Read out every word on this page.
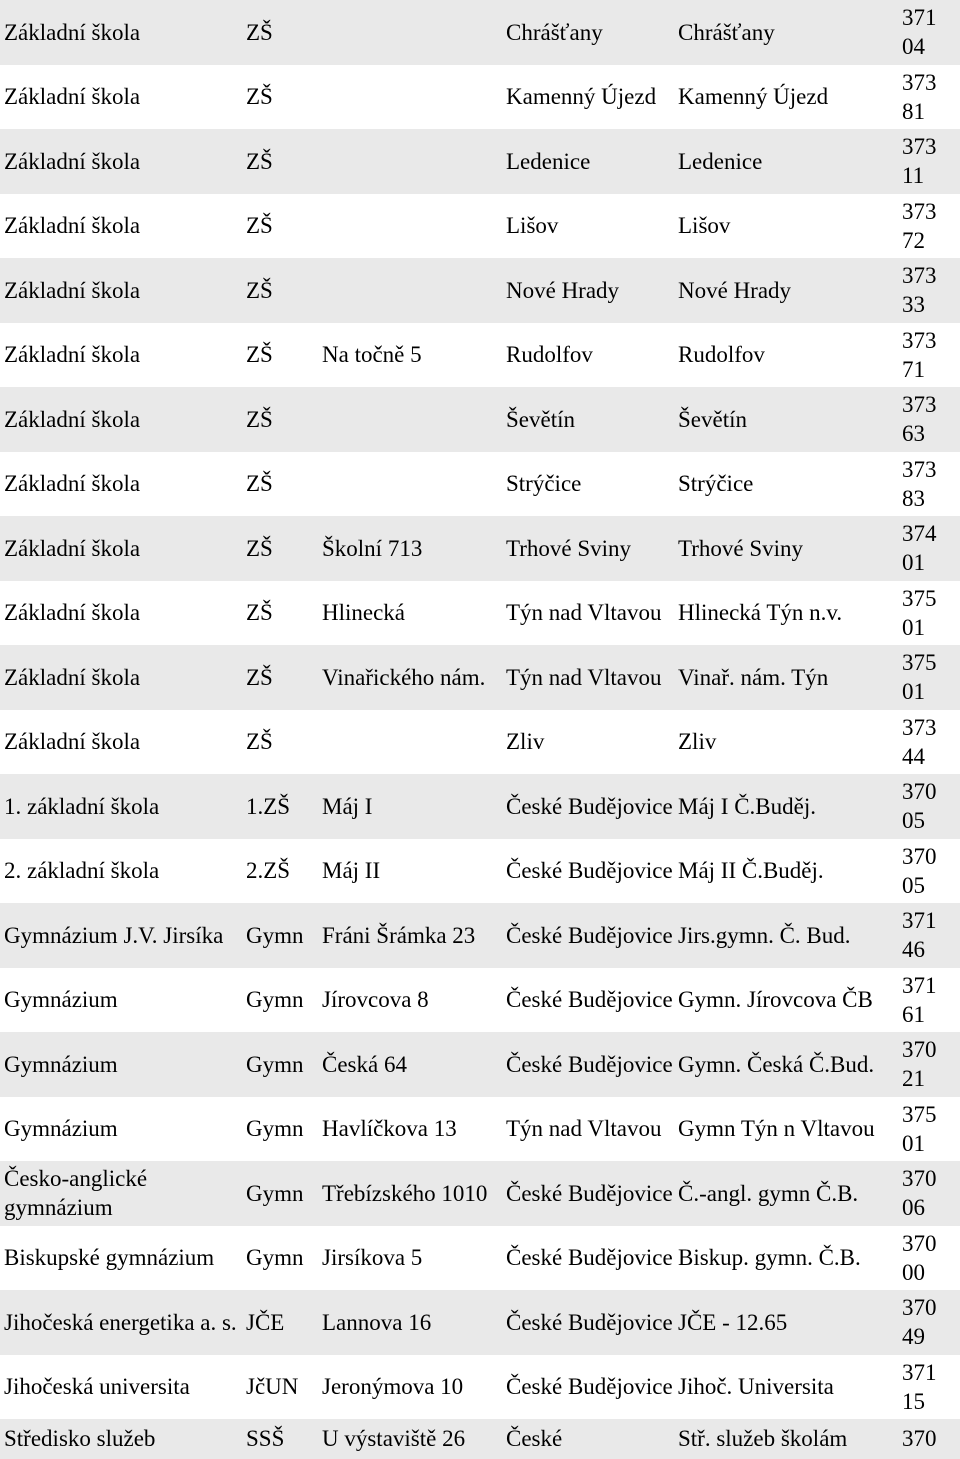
Základní škola	ZŠ		Chrášťany	Chrášťany	371 04
Základní škola	ZŠ		Kamenný Újezd	Kamenný Újezd	373 81
Základní škola	ZŠ		Ledenice	Ledenice	373 11
Základní škola	ZŠ		Lišov	Lišov	373 72
Základní škola	ZŠ		Nové Hrady	Nové Hrady	373 33
Základní škola	ZŠ	Na točně 5	Rudolfov	Rudolfov	373 71
Základní škola	ZŠ		Ševětín	Ševětín	373 63
Základní škola	ZŠ		Strýčice	Strýčice	373 83
Základní škola	ZŠ	Školní 713	Trhové Sviny	Trhové Sviny	374 01
Základní škola	ZŠ	Hlinecká	Týn nad Vltavou	Hlinecká Týn n.v.	375 01
Základní škola	ZŠ	Vinařického nám.	Týn nad Vltavou	Vinař. nám. Týn	375 01
Základní škola	ZŠ		Zliv	Zliv	373 44
1. základní škola	1.ZŠ	Máj I	České Budějovice	Máj I Č.Buděj.	370 05
2. základní škola	2.ZŠ	Máj II	České Budějovice	Máj II Č.Buděj.	370 05
Gymnázium J.V. Jirsíka	Gymn	Fráni Šrámka 23	České Budějovice	Jirs.gymn. Č. Bud.	371 46
Gymnázium	Gymn	Jírovcova 8	České Budějovice	Gymn. Jírovcova ČB	371 61
Gymnázium	Gymn	Česká 64	České Budějovice	Gymn. Česká Č.Bud.	370 21
Gymnázium	Gymn	Havlíčkova 13	Týn nad Vltavou	Gymn Týn n Vltavou	375 01
Česko-anglické gymnázium	Gymn	Třebízského 1010	České Budějovice	Č.-angl. gymn Č.B.	370 06
Biskupské gymnázium	Gymn	Jirsíkova 5	České Budějovice	Biskup. gymn. Č.B.	370 00
Jihočeská energetika a. s.	JČE	Lannova 16	České Budějovice	JČE - 12.65	370 49
Jihočeská universita	JčUN	Jeronýmova 10	České Budějovice	Jihoč. Universita	371 15
Středisko služeb	SSŠ	U výstaviště 26	České	Stř. služeb školám	370
